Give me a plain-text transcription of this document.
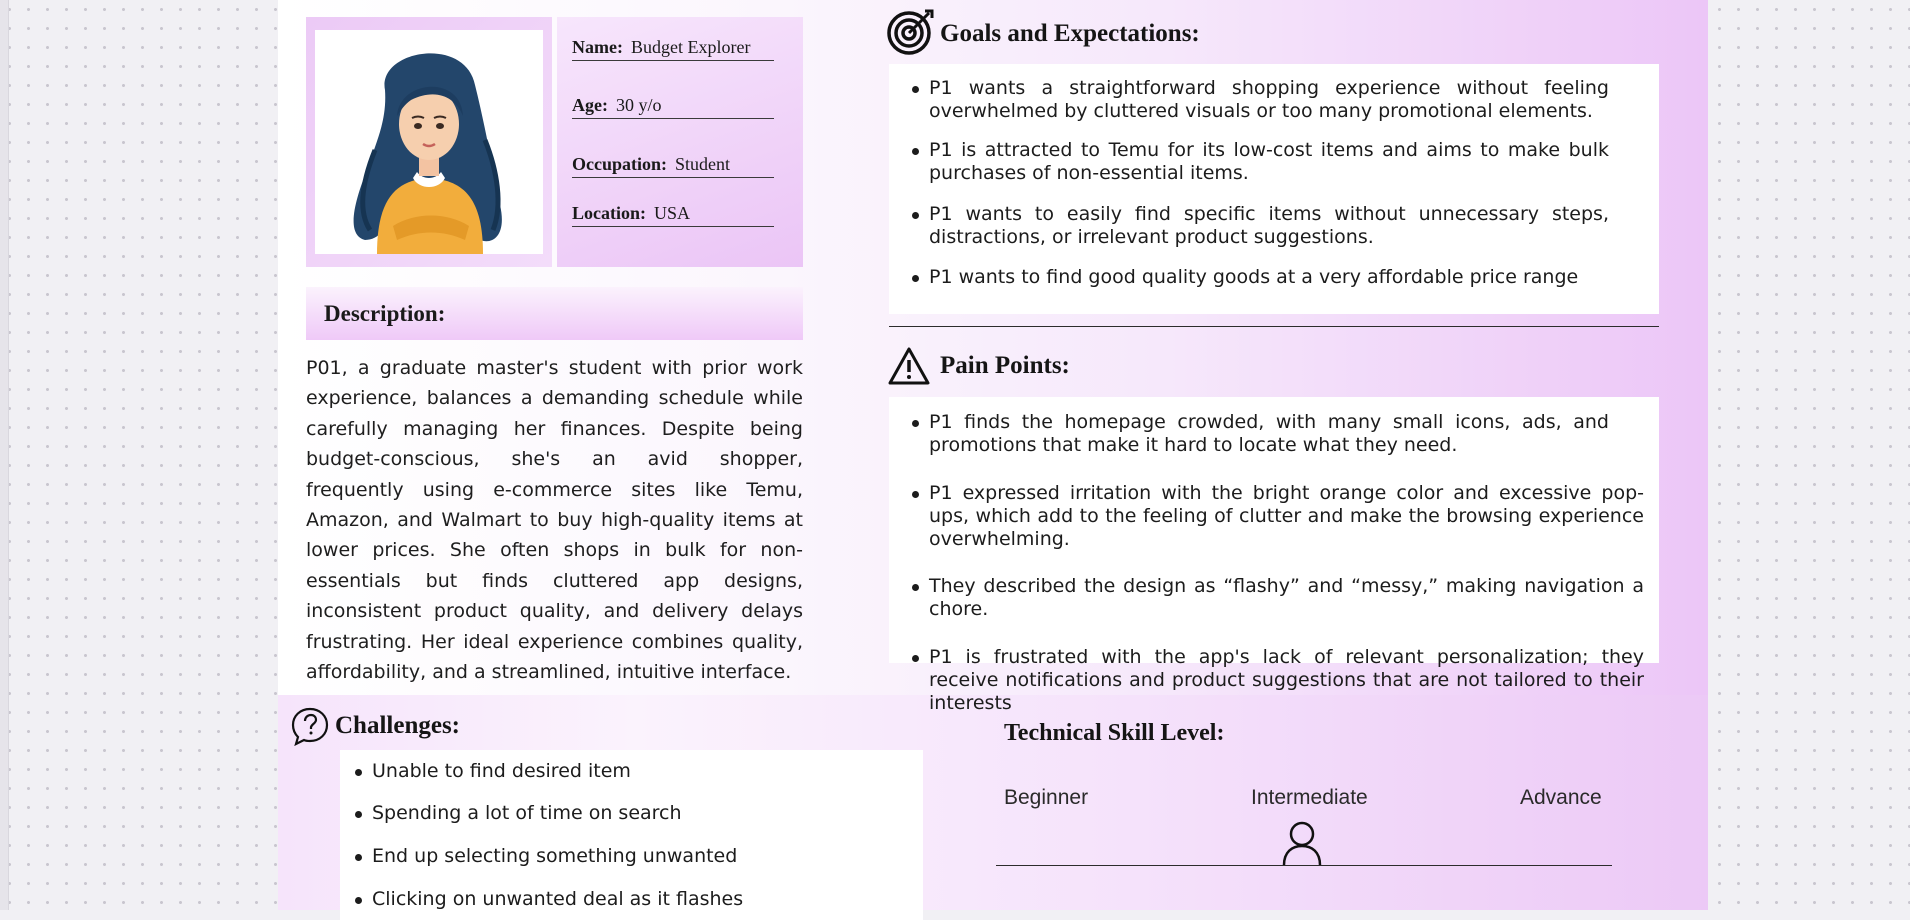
Name: Budget Explorer
Age: 30 y/o
Occupation: Student
Location: USA
Description:
P01, a graduate master's student with prior work experience, balances a demanding schedule while carefully managing her finances. Despite being budget-conscious, she's an avid shopper, frequently using e-commerce sites like Temu, Amazon, and Walmart to buy high-quality items at lower prices. She often shops in bulk for non-essentials but finds cluttered app designs, inconsistent product quality, and delivery delays frustrating. Her ideal experience combines quality, affordability, and a streamlined, intuitive interface.
Goals and Expectations:
P1 wants a straightforward shopping experience without feeling overwhelmed by cluttered visuals or too many promotional elements.
P1 is attracted to Temu for its low-cost items and aims to make bulk purchases of non-essential items.
P1 wants to easily find specific items without unnecessary steps, distractions, or irrelevant product suggestions.
P1 wants to find good quality goods at a very affordable price range
Pain Points:
P1 finds the homepage crowded, with many small icons, ads, and promotions that make it hard to locate what they need.
P1 expressed irritation with the bright orange color and excessive pop-ups, which add to the feeling of clutter and make the browsing experience overwhelming.
They described the design as “flashy” and “messy,” making navigation a chore.
P1 is frustrated with the app's lack of relevant personalization; they receive notifications and product suggestions that are not tailored to their interests
Challenges:
Unable to find desired item
Spending a lot of time on search
End up selecting something unwanted
Clicking on unwanted deal as it flashes
Technical Skill Level:
Beginner	Intermediate	Advance
